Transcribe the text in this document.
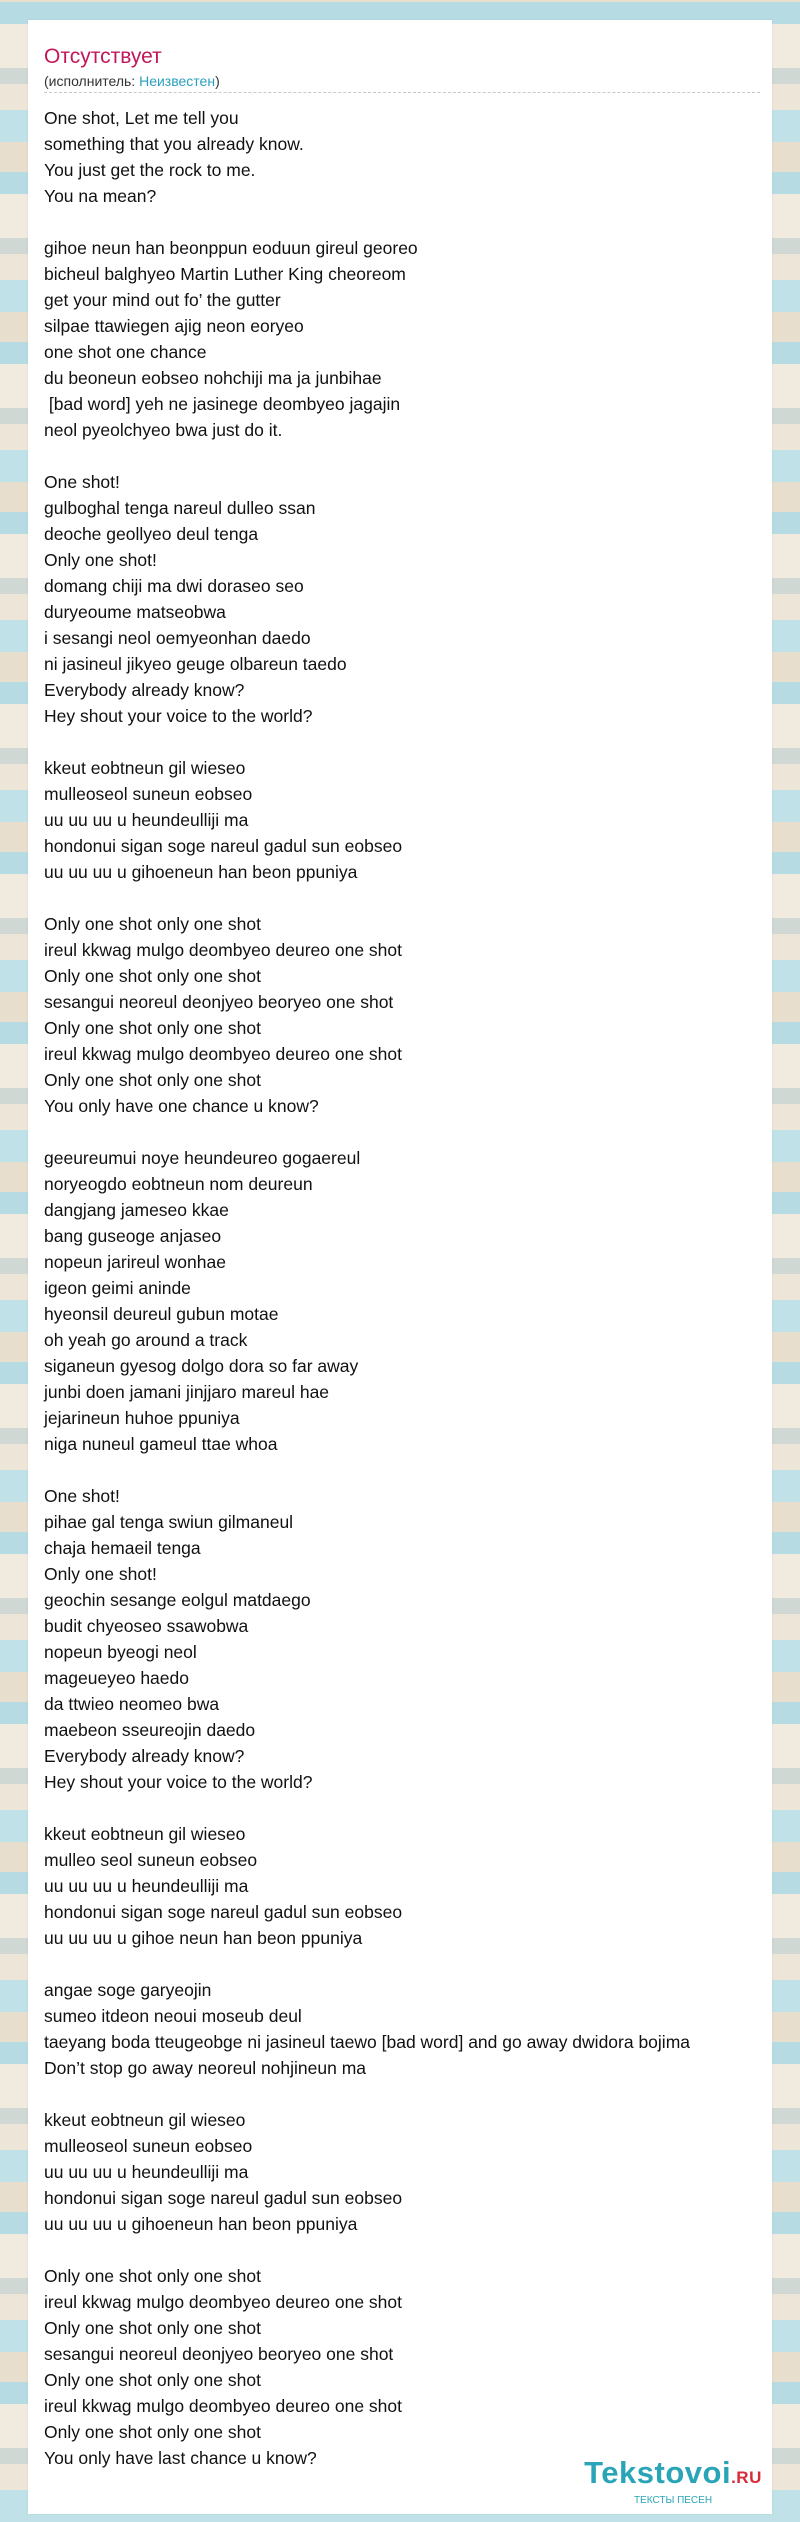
Отсутствует
(исполнитель: Неизвестен)
One shot, Let me tell you
something that you already know.
You just get the rock to me.
You na mean?
gihoe neun han beonppun eoduun gireul georeo
bicheul balghyeo Martin Luther King cheoreom
get your mind out fo’ the gutter
silpae ttawiegen ajig neon eoryeo
one shot one chance
du beoneun eobseo nohchiji ma ja junbihae
[bad word] yeh ne jasinege deombyeo jagajin
neol pyeolchyeo bwa just do it.
One shot!
gulboghal tenga nareul dulleo ssan
deoche geollyeo deul tenga
Only one shot!
domang chiji ma dwi doraseo seo
duryeoume matseobwa
i sesangi neol oemyeonhan daedo
ni jasineul jikyeo geuge olbareun taedo
Everybody already know?
Hey shout your voice to the world?
kkeut eobtneun gil wieseo
mulleoseol suneun eobseo
uu uu uu u heundeulliji ma
hondonui sigan soge nareul gadul sun eobseo
uu uu uu u gihoeneun han beon ppuniya
Only one shot only one shot
ireul kkwag mulgo deombyeo deureo one shot
Only one shot only one shot
sesangui neoreul deonjyeo beoryeo one shot
Only one shot only one shot
ireul kkwag mulgo deombyeo deureo one shot
Only one shot only one shot
You only have one chance u know?
geeureumui noye heundeureo gogaereul
noryeogdo eobtneun nom deureun
dangjang jameseo kkae
bang guseoge anjaseo
nopeun jarireul wonhae
igeon geimi aninde
hyeonsil deureul gubun motae
oh yeah go around a track
siganeun gyesog dolgo dora so far away
junbi doen jamani jinjjaro mareul hae
jejarineun huhoe ppuniya
niga nuneul gameul ttae whoa
One shot!
pihae gal tenga swiun gilmaneul
chaja hemaeil tenga
Only one shot!
geochin sesange eolgul matdaego
budit chyeoseo ssawobwa
nopeun byeogi neol
mageueyeo haedo
da ttwieo neomeo bwa
maebeon sseureojin daedo
Everybody already know?
Hey shout your voice to the world?
kkeut eobtneun gil wieseo
mulleo seol suneun eobseo
uu uu uu u heundeulliji ma
hondonui sigan soge nareul gadul sun eobseo
uu uu uu u gihoe neun han beon ppuniya
angae soge garyeojin
sumeo itdeon neoui moseub deul
taeyang boda tteugeobge ni jasineul taewo [bad word] and go away dwidora bojima
Don’t stop go away neoreul nohjineun ma
kkeut eobtneun gil wieseo
mulleoseol suneun eobseo
uu uu uu u heundeulliji ma
hondonui sigan soge nareul gadul sun eobseo
uu uu uu u gihoeneun han beon ppuniya
Only one shot only one shot
ireul kkwag mulgo deombyeo deureo one shot
Only one shot only one shot
sesangui neoreul deonjyeo beoryeo one shot
Only one shot only one shot
ireul kkwag mulgo deombyeo deureo one shot
Only one shot only one shot
You only have last chance u know?	Tekstovoi.RU
ТЕКСТЫ ПЕСЕН
